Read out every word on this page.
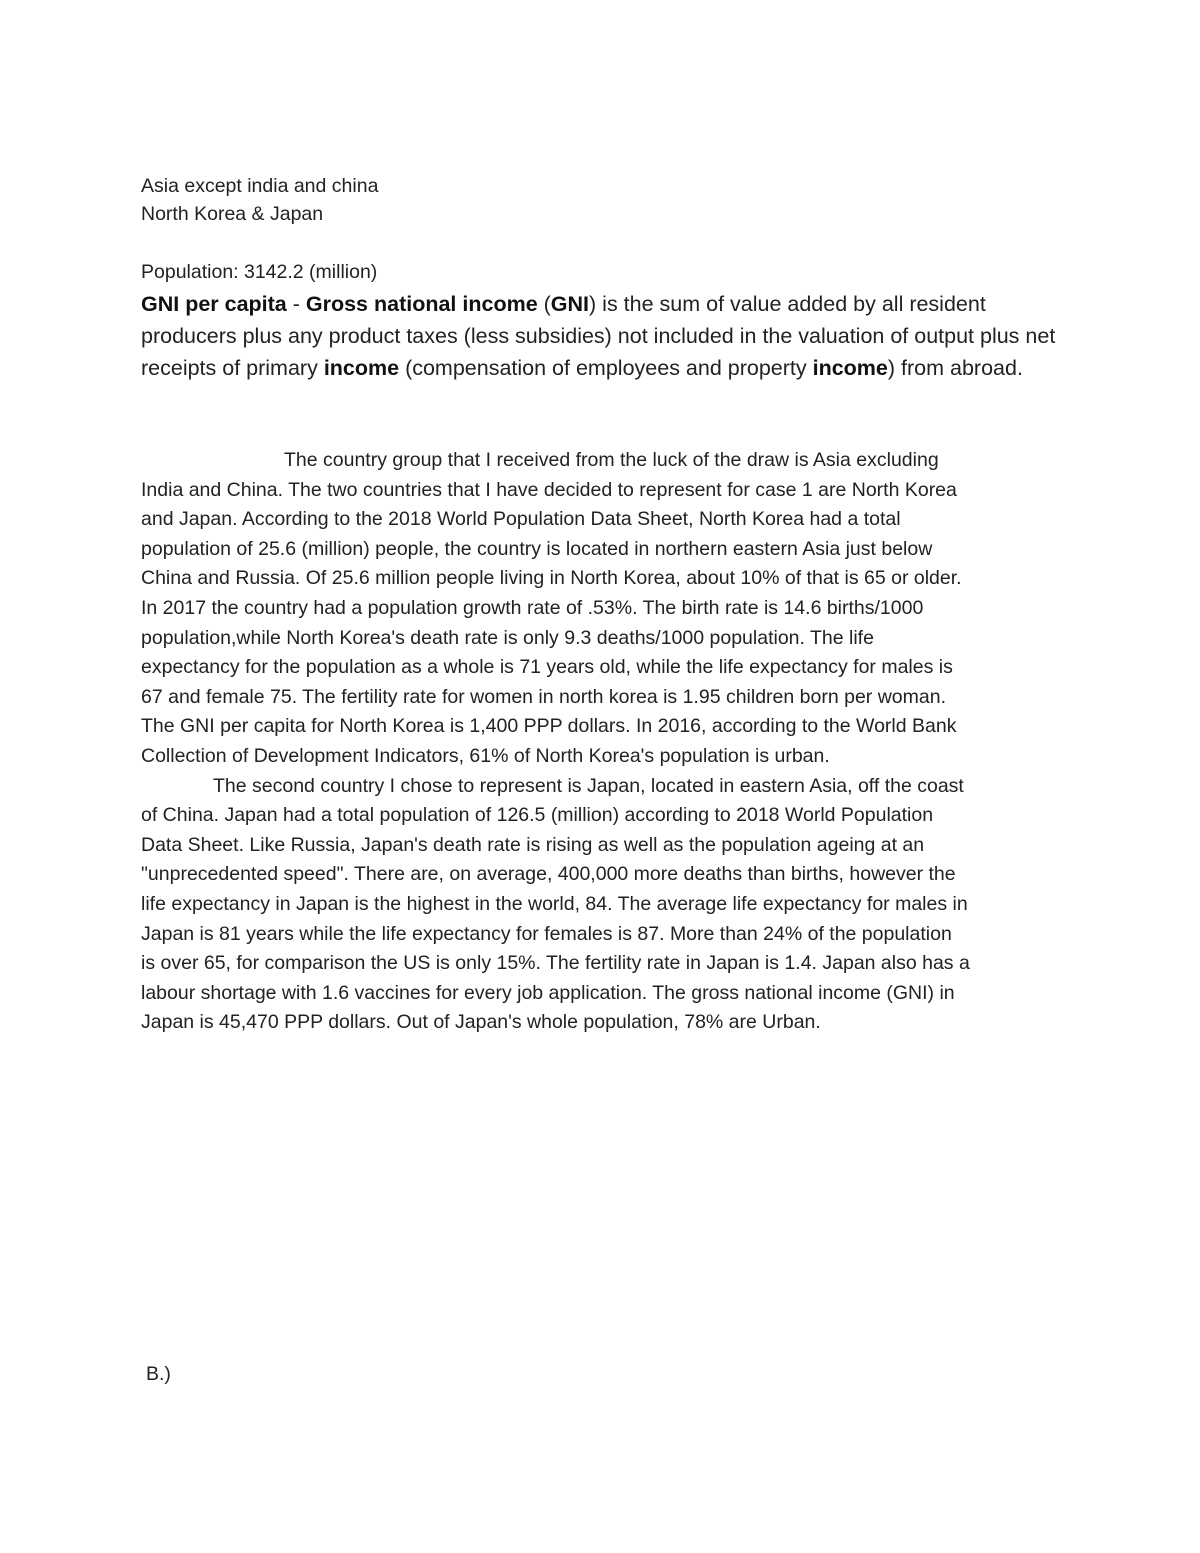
Asia except india and china

North Korea & Japan

Population: 3142.2 (million)

GNI per capita - Gross national income (GNI) is the sum of value added by all resident producers plus any product taxes (less subsidies) not included in the valuation of output plus net receipts of primary income (compensation of employees and property income) from abroad.

The country group that I received from the luck of the draw is Asia excluding
India and China. The two countries that I have decided to represent for case 1 are North Korea
and Japan. According to the 2018 World Population Data Sheet, North Korea had a total
population of 25.6 (million) people, the country is located in northern eastern Asia just below
China and Russia. Of 25.6 million people living in North Korea, about 10% of that is 65 or older.
In 2017 the country had a population growth rate of .53%. The birth rate is 14.6 births/1000
population,while North Korea's death rate is only 9.3 deaths/1000 population. The life
expectancy for the population as a whole is 71 years old, while the life expectancy for males is
67 and female 75. The fertility rate for women in north korea is 1.95 children born per woman.
The GNI per capita for North Korea is 1,400 PPP dollars. In 2016, according to the World Bank
Collection of Development Indicators, 61% of North Korea's population is urban.
The second country I chose to represent is Japan, located in eastern Asia, off the coast
of China. Japan had a total population of 126.5 (million) according to 2018 World Population
Data Sheet. Like Russia, Japan's death rate is rising as well as the population ageing at an
"unprecedented speed". There are, on average, 400,000 more deaths than births, however the
life expectancy in Japan is the highest in the world, 84. The average life expectancy for males in
Japan is 81 years while the life expectancy for females is 87. More than 24% of the population
is over 65, for comparison the US is only 15%. The fertility rate in Japan is 1.4. Japan also has a
labour shortage with 1.6 vaccines for every job application. The gross national income (GNI) in
Japan is 45,470 PPP dollars. Out of Japan's whole population, 78% are Urban.

B.)
